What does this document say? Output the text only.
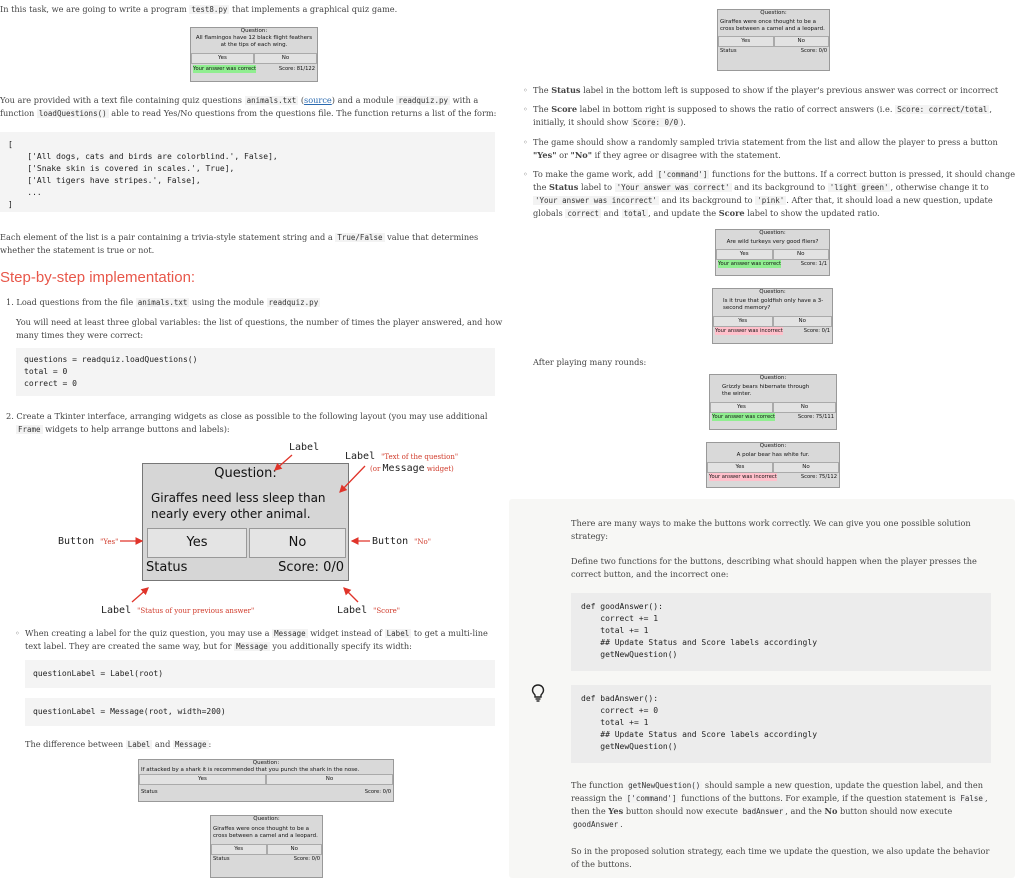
In this task, we are going to write a program test8.py that implements a graphical quiz game.
Question:
All flamingos have 12 black flight feathers at the tips of each wing.
Yes	No
Your answer was correct	Score: 81/122
You are provided with a text file containing quiz questions animals.txt (source) and a module readquiz.py with a
function loadQuestions() able to read Yes/No questions from the questions file. The function returns a list of the form:
[
['All dogs, cats and birds are colorblind.', False],
['Snake skin is covered in scales.', True],
['All tigers have stripes.', False],
...
]
Each element of the list is a pair containing a trivia-style statement string and a True/False value that determines
whether the statement is true or not.
Step-by-step implementation:
1. Load questions from the file animals.txt using the module readquiz.py
You will need at least three global variables: the list of questions, the number of times the player answered, and how
many times they were correct:
questions = readquiz.loadQuestions()
total = 0
correct = 0
2. Create a Tkinter interface, arranging widgets as close as possible to the following layout (you may use additional
Frame widgets to help arrange buttons and labels):
Label
Label "Text of the question"
(or Message widget)
Question:
Giraffes need less sleep than
nearly every other animal.
Yes	No
Status	Score: 0/0
Button "Yes"	Button "No"
Label "Status of your previous answer"	Label "Score"
◦ When creating a label for the quiz question, you may use a Message widget instead of Label to get a multi-line
text label. They are created the same way, but for Message you additionally specify its width:
questionLabel = Label(root)
questionLabel = Message(root, width=200)
The difference between Label and Message :
Question:
If attacked by a shark it is recommended that you punch the shark in the nose.
Yes	No
Status	Score: 0/0
Question:
Giraffes were once thought to be a cross between a camel and a leopard.
Yes	No
Status	Score: 0/0
Question:
Giraffes were once thought to be a cross between a camel and a leopard.
Yes	No
Status	Score: 0/0
◦ The Status label in the bottom left is supposed to show if the player's previous answer was correct or incorrect
◦ The Score label in bottom right is supposed to shows the ratio of correct answers (i.e. Score: correct/total ,
initially, it should show Score: 0/0 ).
◦ The game should show a randomly sampled trivia statement from the list and allow the player to press a button
"Yes" or "No" if they agree or disagree with the statement.
◦ To make the game work, add ['command'] functions for the buttons. If a correct button is pressed, it should change
the Status label to 'Your answer was correct' and its background to 'light green' , otherwise change it to
'Your answer was incorrect' and its background to 'pink' . After that, it should load a new question, update
globals correct and total , and update the Score label to show the updated ratio.
Question:
Are wild turkeys very good fliers?
Yes	No
Your answer was correct	Score: 1/1
Question:
Is it true that goldfish only have a 3-second memory?
Yes	No
Your answer was incorrect	Score: 0/1
After playing many rounds:
Question:
Grizzly bears hibernate through the winter.
Yes	No
Your answer was correct	Score: 75/111
Question:
A polar bear has white fur.
Yes	No
Your answer was incorrect	Score: 75/112
There are many ways to make the buttons work correctly. We can give you one possible solution
strategy:
Define two functions for the buttons, describing what should happen when the player presses the
correct button, and the incorrect one:
def goodAnswer():
correct += 1
total += 1
## Update Status and Score labels accordingly
getNewQuestion()
def badAnswer():
correct += 0
total += 1
## Update Status and Score labels accordingly
getNewQuestion()
The function getNewQuestion() should sample a new question, update the question label, and then
reassign the ['command'] functions of the buttons. For example, if the question statement is False ,
then the Yes button should now execute badAnswer , and the No button should now execute
goodAnswer .
So in the proposed solution strategy, each time we update the question, we also update the behavior
of the buttons.
